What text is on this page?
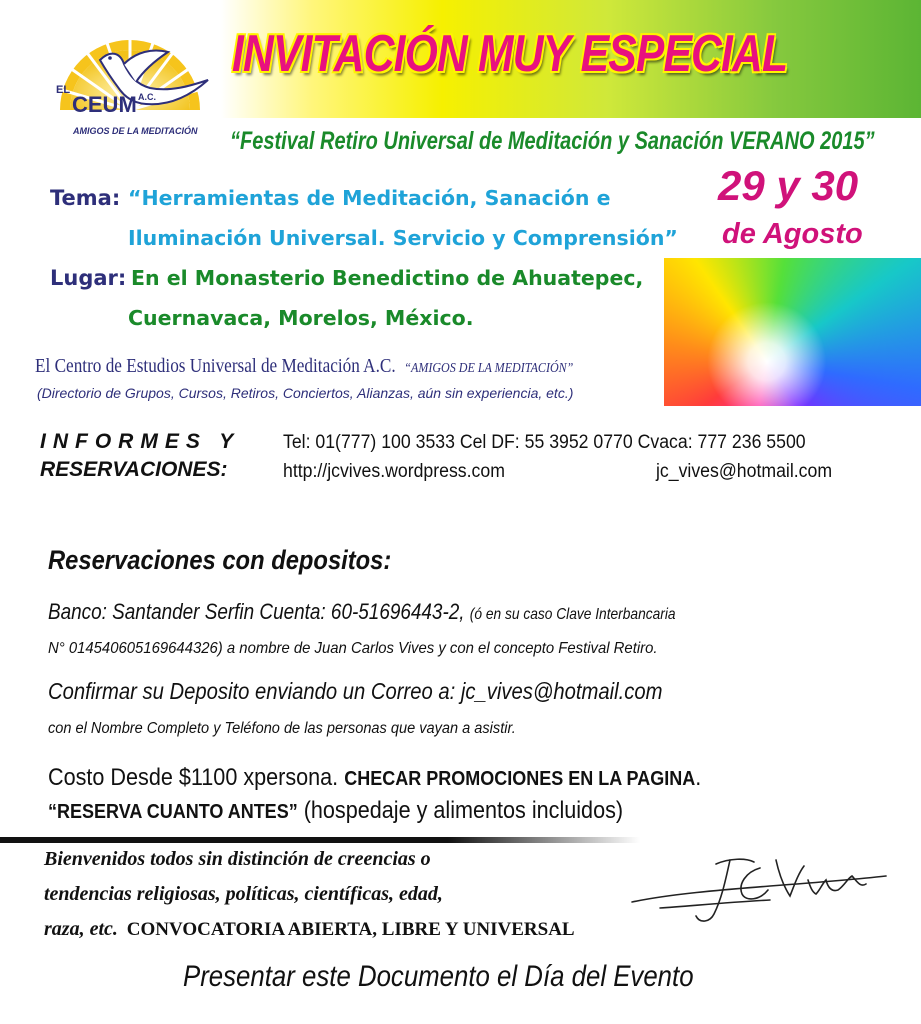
EL
CEUM A.C.
AMIGOS DE LA MEDITACIÓN
INVITACIÓN MUY ESPECIAL
“Festival Retiro Universal de Meditación y Sanación VERANO 2015”
Tema: “Herramientas de Meditación, Sanación e
Iluminación Universal. Servicio y Comprensión”
Lugar: En el Monasterio Benedictino de Ahuatepec,
Cuernavaca, Morelos, México.
29 y 30
de Agosto
El Centro de Estudios Universal de Meditación A.C. “AMIGOS DE LA MEDITACIÓN”
(Directorio de Grupos, Cursos, Retiros, Conciertos, Alianzas, aún sin experiencia, etc.)
INFORMES Y
RESERVACIONES:
Tel: 01(777) 100 3533 Cel DF: 55 3952 0770 Cvaca: 777 236 5500
http://jcvives.wordpress.com	jc_vives@hotmail.com
Reservaciones con depositos:
Banco: Santander Serfin Cuenta: 60-51696443-2, (ó en su caso Clave Interbancaria
N° 014540605169644326) a nombre de Juan Carlos Vives y con el concepto Festival Retiro.
Confirmar su Deposito enviando un Correo a: jc_vives@hotmail.com
con el Nombre Completo y Teléfono de las personas que vayan a asistir.
Costo Desde $1100 xpersona. CHECAR PROMOCIONES EN LA PAGINA.
“RESERVA CUANTO ANTES” (hospedaje y alimentos incluidos)
Bienvenidos todos sin distinción de creencias o
tendencias religiosas, políticas, científicas, edad,
raza, etc. CONVOCATORIA ABIERTA, LIBRE Y UNIVERSAL
Presentar este Documento el Día del Evento
